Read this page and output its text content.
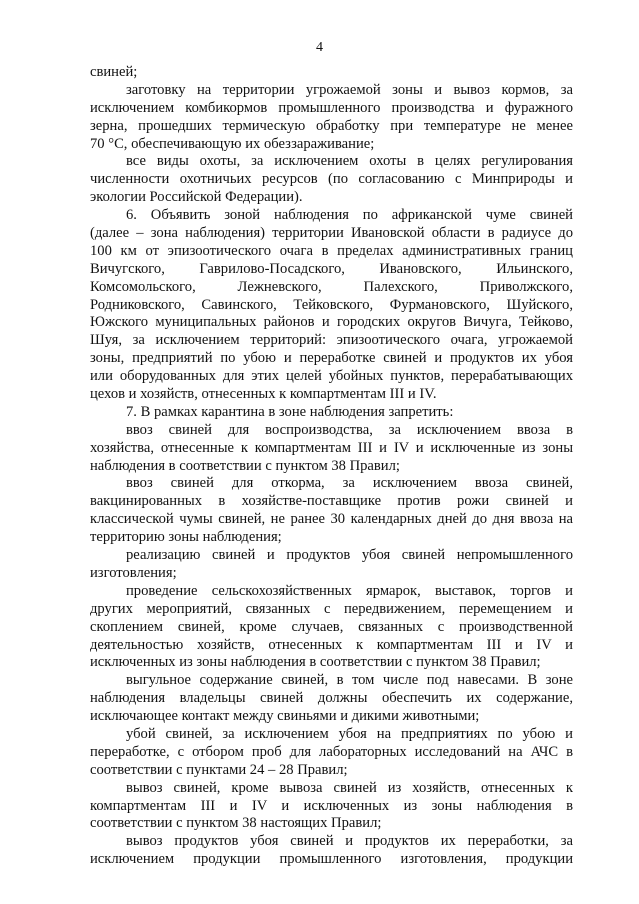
4
свиней;
заготовку на территории угрожаемой зоны и вывоз кормов, за
исключением комбикормов промышленного производства и фуражного
зерна, прошедших термическую обработку при температуре не менее
70 °С, обеспечивающую их обеззараживание;
все виды охоты, за исключением охоты в целях регулирования
численности охотничьих ресурсов (по согласованию с Минприроды и
экологии Российской Федерации).
6. Объявить зоной наблюдения по африканской чуме свиней
(далее – зона наблюдения) территории Ивановской области в радиусе до
100 км от эпизоотического очага в пределах административных границ
Вичугского, Гаврилово-Посадского, Ивановского, Ильинского,
Комсомольского, Лежневского, Палехского, Приволжского,
Родниковского, Савинского, Тейковского, Фурмановского, Шуйского,
Южского муниципальных районов и городских округов Вичуга, Тейково,
Шуя, за исключением территорий: эпизоотического очага, угрожаемой
зоны, предприятий по убою и переработке свиней и продуктов их убоя
или оборудованных для этих целей убойных пунктов, перерабатывающих
цехов и хозяйств, отнесенных к компартментам III и IV.
7. В рамках карантина в зоне наблюдения запретить:
ввоз свиней для воспроизводства, за исключением ввоза в
хозяйства, отнесенные к компартментам III и IV и исключенные из зоны
наблюдения в соответствии с пунктом 38 Правил;
ввоз свиней для откорма, за исключением ввоза свиней,
вакцинированных в хозяйстве-поставщике против рожи свиней и
классической чумы свиней, не ранее 30 календарных дней до дня ввоза на
территорию зоны наблюдения;
реализацию свиней и продуктов убоя свиней непромышленного
изготовления;
проведение сельскохозяйственных ярмарок, выставок, торгов и
других мероприятий, связанных с передвижением, перемещением и
скоплением свиней, кроме случаев, связанных с производственной
деятельностью хозяйств, отнесенных к компартментам III и IV и
исключенных из зоны наблюдения в соответствии с пунктом 38 Правил;
выгульное содержание свиней, в том числе под навесами. В зоне
наблюдения владельцы свиней должны обеспечить их содержание,
исключающее контакт между свиньями и дикими животными;
убой свиней, за исключением убоя на предприятиях по убою и
переработке, с отбором проб для лабораторных исследований на АЧС в
соответствии с пунктами 24 – 28 Правил;
вывоз свиней, кроме вывоза свиней из хозяйств, отнесенных к
компартментам III и IV и исключенных из зоны наблюдения в
соответствии с пунктом 38 настоящих Правил;
вывоз продуктов убоя свиней и продуктов их переработки, за
исключением продукции промышленного изготовления, продукции
